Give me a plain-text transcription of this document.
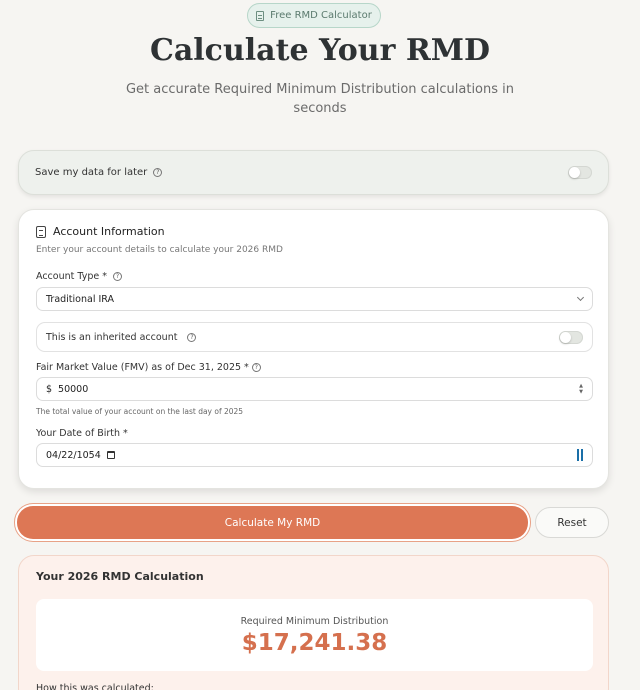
Free RMD Calculator
Calculate Your RMD

Get accurate Required Minimum Distribution calculations in seconds

Save my data for later	?
Account Information
Enter your account details to calculate your 2026 RMD
Account Type *	?
Traditional IRA
This is an inherited account	?
Fair Market Value (FMV) as of Dec 31, 2025 * ?
$ 50000	▲
▼
The total value of your account on the last day of 2025
Your Date of Birth *
04/22/1054
Calculate My RMD	Reset
Your 2026 RMD Calculation
Required Minimum Distribution
$17,241.38
How this was calculated:
